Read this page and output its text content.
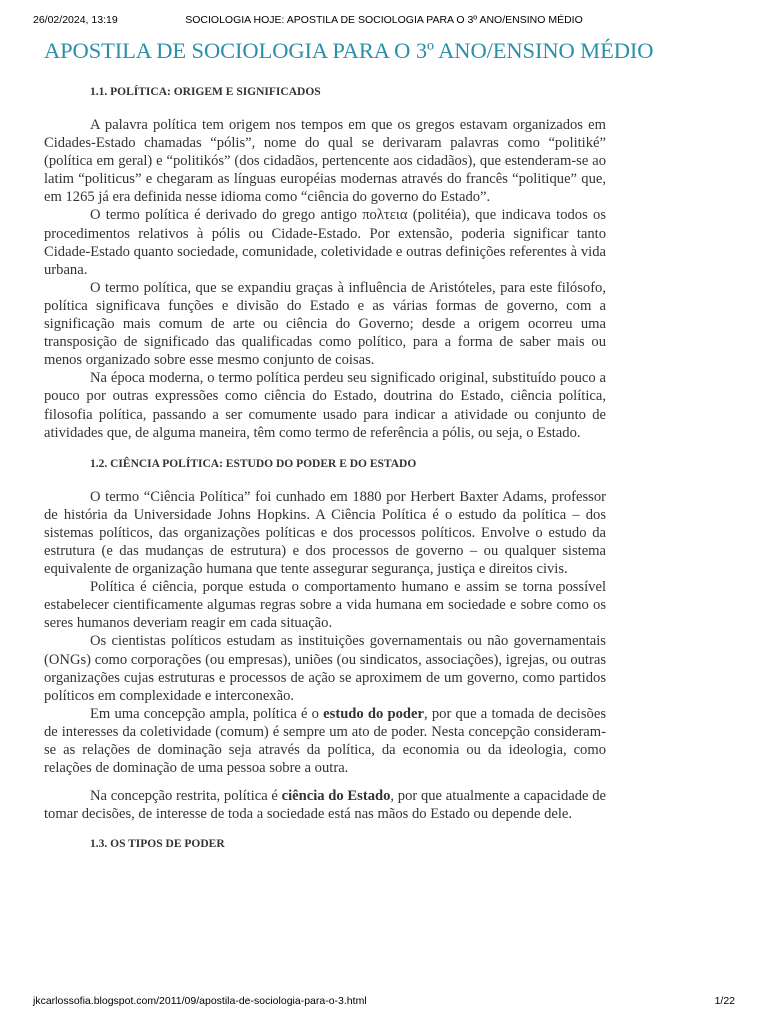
26/02/2024, 13:19	SOCIOLOGIA HOJE: APOSTILA DE SOCIOLOGIA PARA O 3º ANO/ENSINO MÉDIO
APOSTILA DE SOCIOLOGIA PARA O 3º ANO/ENSINO MÉDIO
1.1. POLÍTICA: ORIGEM E SIGNIFICADOS

A palavra política tem origem nos tempos em que os gregos estavam organizados em Cidades-Estado chamadas “pólis”, nome do qual se derivaram palavras como “politiké” (política em geral) e “politikós” (dos cidadãos, pertencente aos cidadãos), que estenderam-se ao latim “politicus” e chegaram as línguas européias modernas através do francês “politique” que, em 1265 já era definida nesse idioma como “ciência do governo do Estado”.

O termo política é derivado do grego antigo πολτεια (politéia), que indicava todos os procedimentos relativos à pólis ou Cidade-Estado. Por extensão, poderia significar tanto Cidade-Estado quanto sociedade, comunidade, coletividade e outras definições referentes à vida urbana.

O termo política, que se expandiu graças à influência de Aristóteles, para este filósofo, política significava funções e divisão do Estado e as várias formas de governo, com a significação mais comum de arte ou ciência do Governo; desde a origem ocorreu uma transposição de significado das qualificadas como político, para a forma de saber mais ou menos organizado sobre esse mesmo conjunto de coisas.

Na época moderna, o termo política perdeu seu significado original, substituído pouco a pouco por outras expressões como ciência do Estado, doutrina do Estado, ciência política, filosofia política, passando a ser comumente usado para indicar a atividade ou conjunto de atividades que, de alguma maneira, têm como termo de referência a pólis, ou seja, o Estado.

1.2. CIÊNCIA POLÍTICA: ESTUDO DO PODER E DO ESTADO

O termo “Ciência Política” foi cunhado em 1880 por Herbert Baxter Adams, professor de história da Universidade Johns Hopkins. A Ciência Política é o estudo da política – dos sistemas políticos, das organizações políticas e dos processos políticos. Envolve o estudo da estrutura (e das mudanças de estrutura) e dos processos de governo – ou qualquer sistema equivalente de organização humana que tente assegurar segurança, justiça e direitos civis.

Política é ciência, porque estuda o comportamento humano e assim se torna possível estabelecer cientificamente algumas regras sobre a vida humana em sociedade e sobre como os seres humanos deveriam reagir em cada situação.

Os cientistas políticos estudam as instituições governamentais ou não governamentais (ONGs) como corporações (ou empresas), uniões (ou sindicatos, associações), igrejas, ou outras organizações cujas estruturas e processos de ação se aproximem de um governo, como partidos políticos em complexidade e interconexão.

Em uma concepção ampla, política é o estudo do poder, por que a tomada de decisões de interesses da coletividade (comum) é sempre um ato de poder. Nesta concepção consideram-se as relações de dominação seja através da política, da economia ou da ideologia, como relações de dominação de uma pessoa sobre a outra.

Na concepção restrita, política é ciência do Estado, por que atualmente a capacidade de tomar decisões, de interesse de toda a sociedade está nas mãos do Estado ou depende dele.

1.3. OS TIPOS DE PODER
jkcarlossofia.blogspot.com/2011/09/apostila-de-sociologia-para-o-3.html	1/22
